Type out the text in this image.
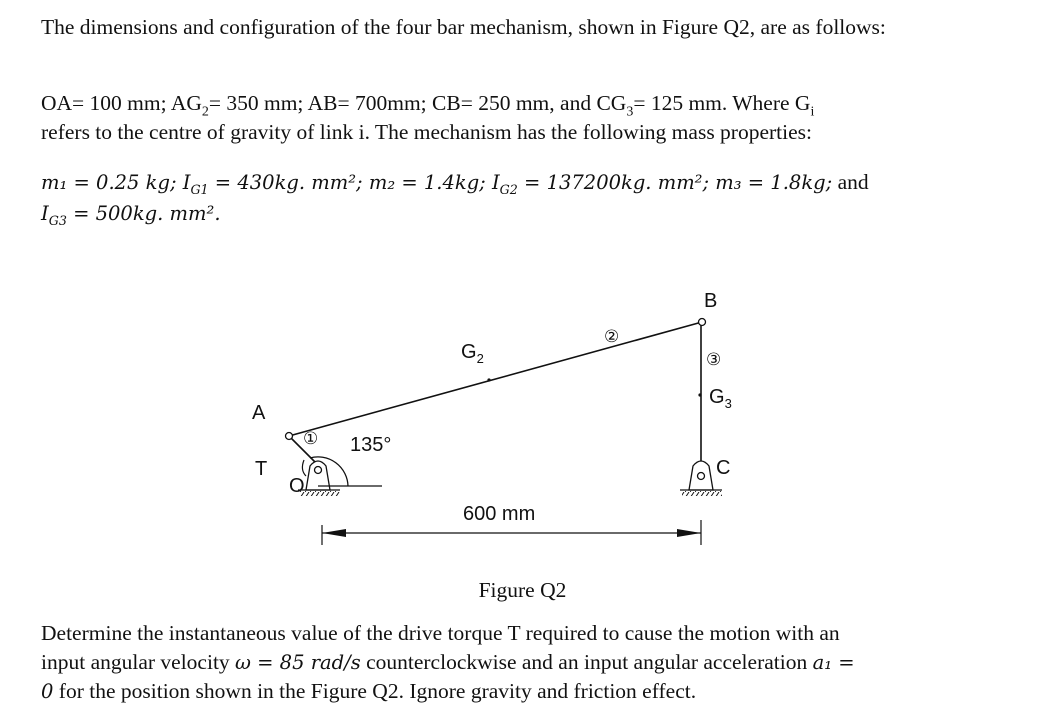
The dimensions and configuration of the four bar mechanism, shown in Figure Q2, are as follows:

OA= 100 mm; $AG_2= 350$ mm; AB= 700mm; CB= 250 mm, and $CG_3= 125$ mm. Where $G_i$
refers to the centre of gravity of link i. The mechanism has the following mass properties:

m₁ = 0.25 kg; $I_{G1} = 430kg$. mm²; m₂ = 1.4kg; $I_{G2} = 137200kg$. mm²; m₃ = 1.8kg; and
$I_{G3} = 500kg$. mm².

A
T
O
B
C
$G_2$
$G_3$
135°
600 mm
①
②
③
Figure Q2

Determine the instantaneous value of the drive torque T required to cause the motion with an
input angular velocity ω = 85 rad/s counterclockwise and an input angular acceleration a₁ =
0 for the position shown in the Figure Q2. Ignore gravity and friction effect.
